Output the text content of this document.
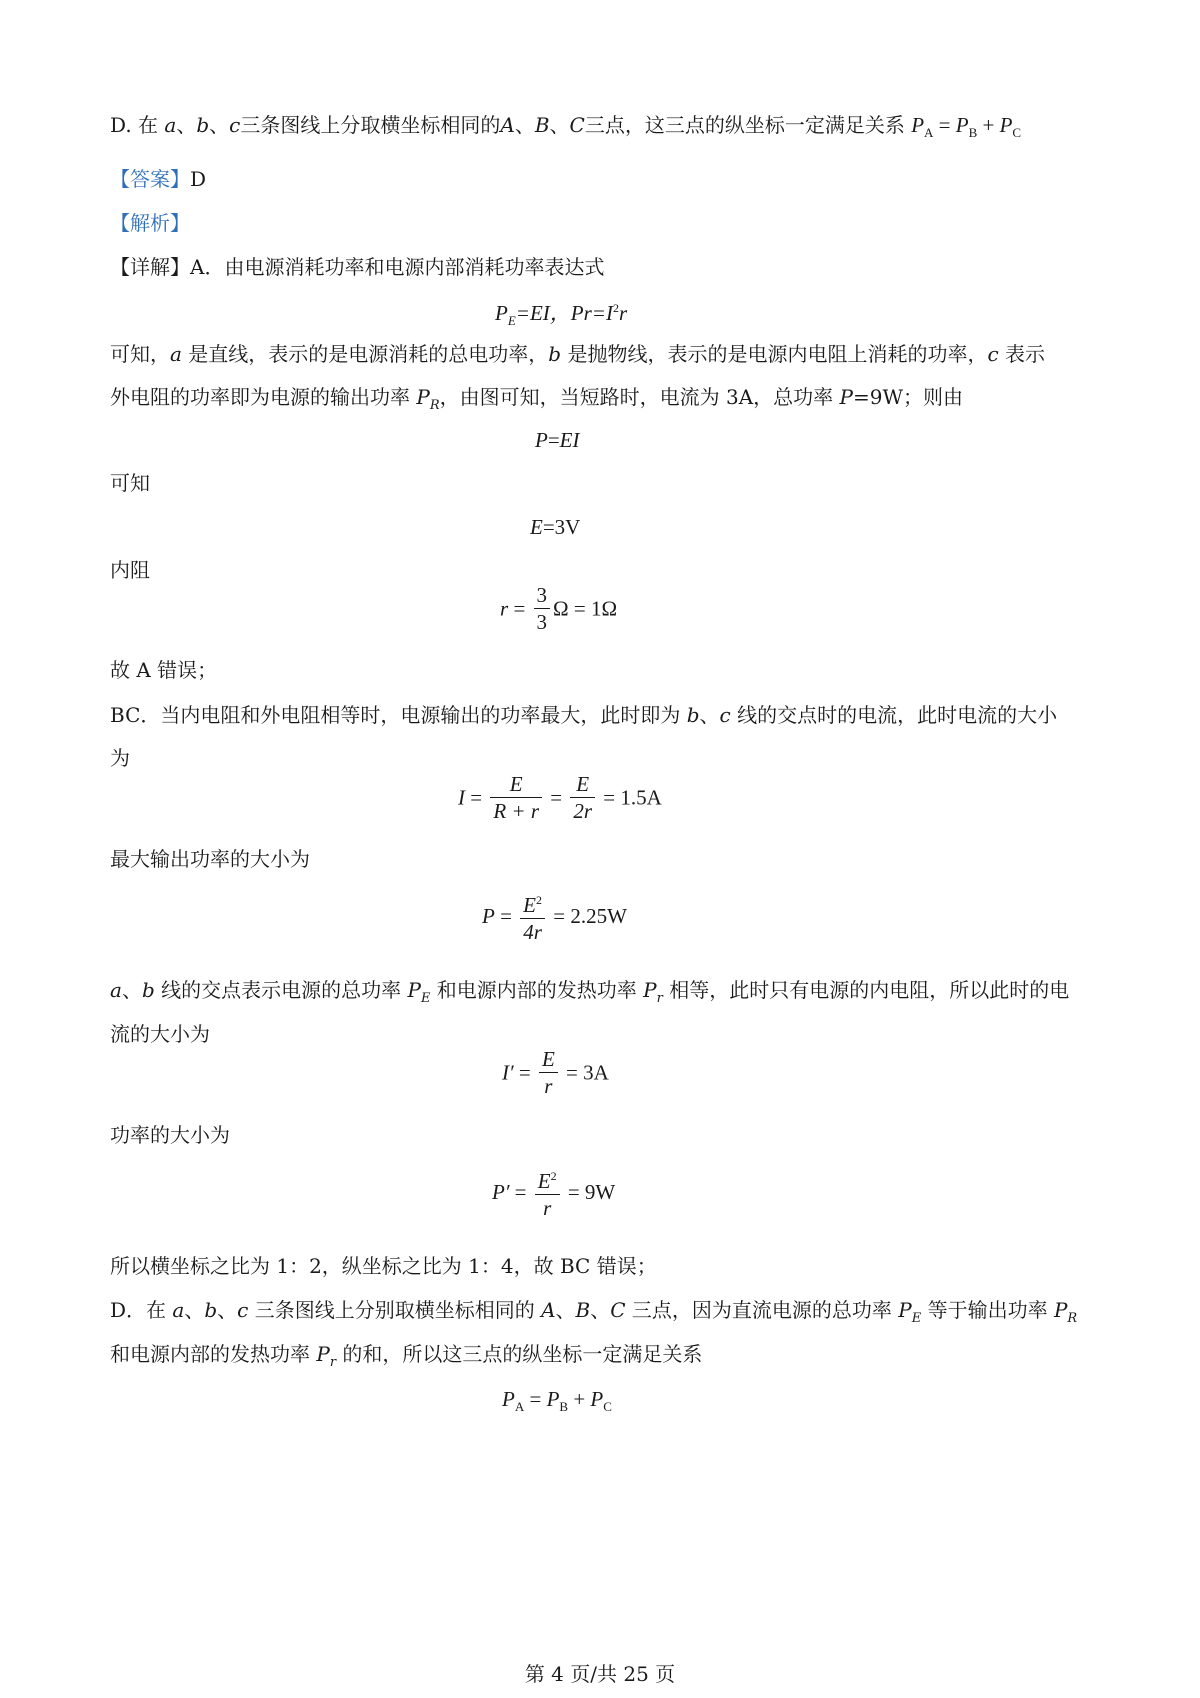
D. 在 a、b、c三条图线上分取横坐标相同的A、B、C三点，这三点的纵坐标一定满足关系 $P_A = P_B + P_C$
【答案】D
【解析】
【详解】A．由电源消耗功率和电源内部消耗功率表达式
$P_E=EI$，$Pr=I^2r$
可知，a 是直线，表示的是电源消耗的总电功率，b 是抛物线，表示的是电源内电阻上消耗的功率，c 表示
外电阻的功率即为电源的输出功率 $P_R$，由图可知，当短路时，电流为 3A，总功率 P=9W；则由
P=EI
可知
E=3V
内阻
$r = \frac{3}{3}$ Ω = 1Ω
故 A 错误；
BC．当内电阻和外电阻相等时，电源输出的功率最大，此时即为 b、c 线的交点时的电流，此时电流的大小
为
$I = \frac{E}{R + r} = \frac{E}{2r} = 1.5A$
最大输出功率的大小为
$P = \frac{E^2}{4r} = 2.25W$
a、b 线的交点表示电源的总功率 $P_E$ 和电源内部的发热功率 $P_r$ 相等，此时只有电源的内电阻，所以此时的电
流的大小为
$I' = \frac{E}{r} = 3A$
功率的大小为
$P' = \frac{E^2}{r} = 9W$
所以横坐标之比为 1：2，纵坐标之比为 1：4，故 BC 错误；
D．在 a、b、c 三条图线上分别取横坐标相同的 A、B、C 三点，因为直流电源的总功率 $P_E$ 等于输出功率 $P_R$
和电源内部的发热功率 $P_r$ 的和，所以这三点的纵坐标一定满足关系
$P_A = P_B + P_C$
第 4 页/共 25 页
